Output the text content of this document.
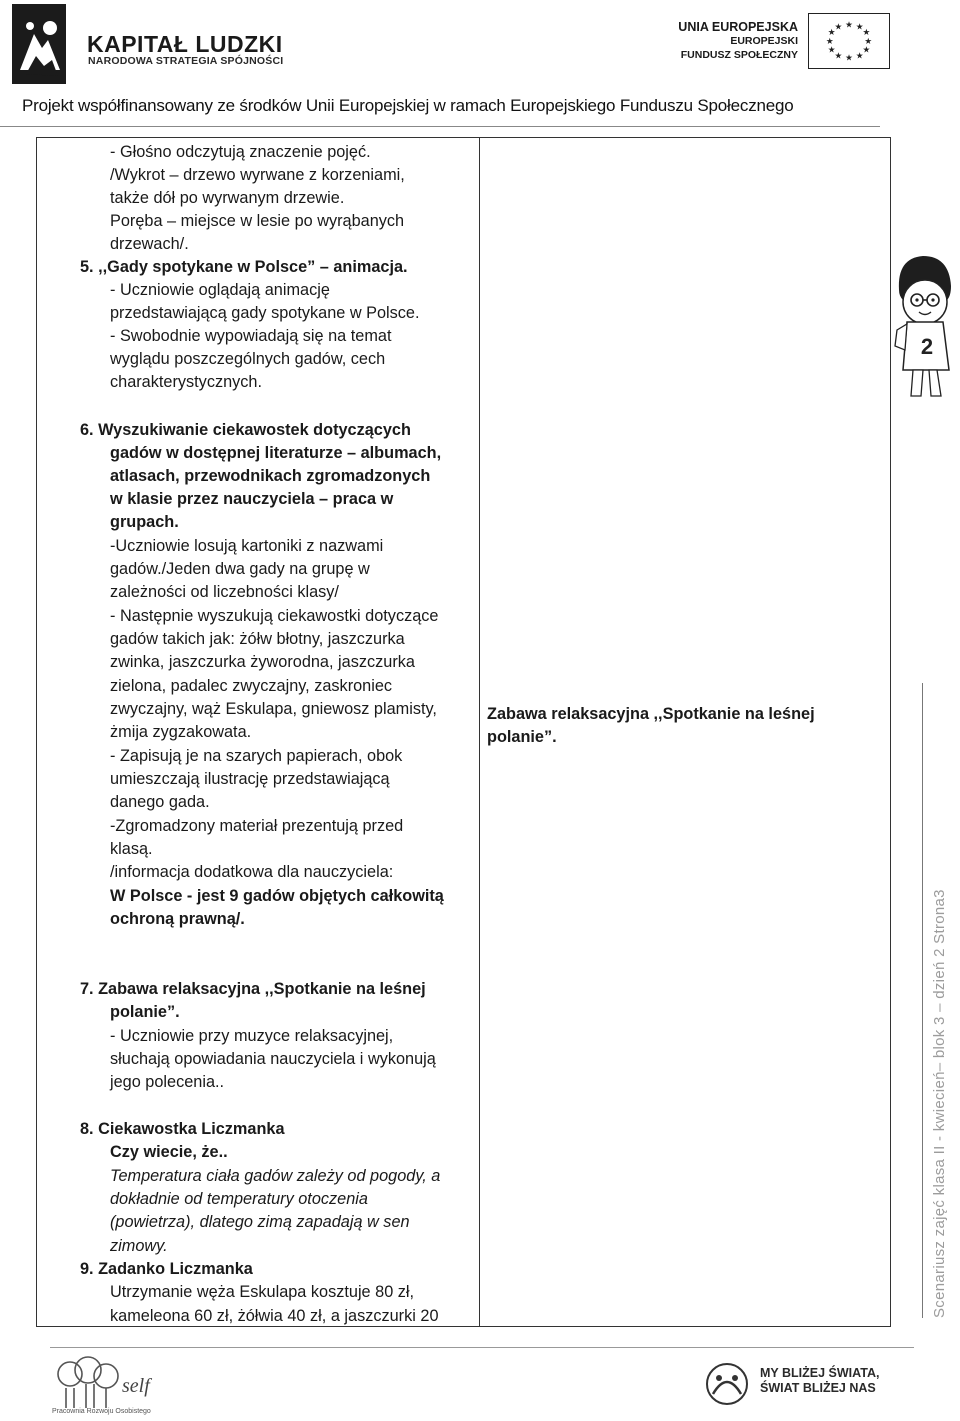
KAPITAŁ LUDZKI
NARODOWA STRATEGIA SPÓJNOŚCI
UNIA EUROPEJSKA
EUROPEJSKI
FUNDUSZ SPOŁECZNY
★ ★
★
★
★
★
★
★
★
★
★
★
Projekt współfinansowany ze środków Unii Europejskiej w ramach Europejskiego Funduszu Społecznego
- Głośno odczytują znaczenie pojęć.
/Wykrot – drzewo wyrwane z korzeniami,
także dół po wyrwanym drzewie.
Poręba – miejsce w lesie po wyrąbanych
drzewach/.
5. ,,Gady spotykane w Polsce” – animacja.
- Uczniowie oglądają animację
przedstawiającą gady spotykane w Polsce.
- Swobodnie wypowiadają się na temat
wyglądu poszczególnych gadów, cech
charakterystycznych.
6. Wyszukiwanie ciekawostek dotyczących
gadów w dostępnej literaturze – albumach,
atlasach, przewodnikach zgromadzonych
w klasie przez nauczyciela – praca w
grupach.
-Uczniowie losują kartoniki z nazwami
gadów./Jeden dwa gady na grupę w
zależności od liczebności klasy/
- Następnie wyszukują ciekawostki dotyczące
gadów takich jak: żółw błotny, jaszczurka
zwinka, jaszczurka żyworodna, jaszczurka
zielona, padalec zwyczajny, zaskroniec
zwyczajny, wąż Eskulapa, gniewosz plamisty,
żmija zygzakowata.
- Zapisują je na szarych papierach, obok
umieszczają ilustrację przedstawiającą
danego gada.
-Zgromadzony materiał prezentują przed
klasą.
/informacja dodatkowa dla nauczyciela:
W Polsce - jest 9 gadów objętych całkowitą
ochroną prawną/.
7. Zabawa relaksacyjna ,,Spotkanie na leśnej
polanie”.
- Uczniowie przy muzyce relaksacyjnej,
słuchają opowiadania nauczyciela i wykonują
jego polecenia..
8. Ciekawostka Liczmanka
Czy wiecie, że..
Temperatura ciała gadów zależy od pogody, a
dokładnie od temperatury otoczenia
(powietrza), dlatego zimą zapadają w sen
zimowy.
9. Zadanko Liczmanka
Utrzymanie węża Eskulapa kosztuje 80 zł,
kameleona 60 zł, żółwia 40 zł, a jaszczurki 20
Zabawa relaksacyjna ,,Spotkanie na leśnej
polanie”.
2
Scenariusz zajęć klasa II - kwiecień– blok 3 – dzień 2 Strona3
self
Pracownia Rozwoju Osobistego
MY BLIŻEJ ŚWIATA,
ŚWIAT BLIŻEJ NAS
